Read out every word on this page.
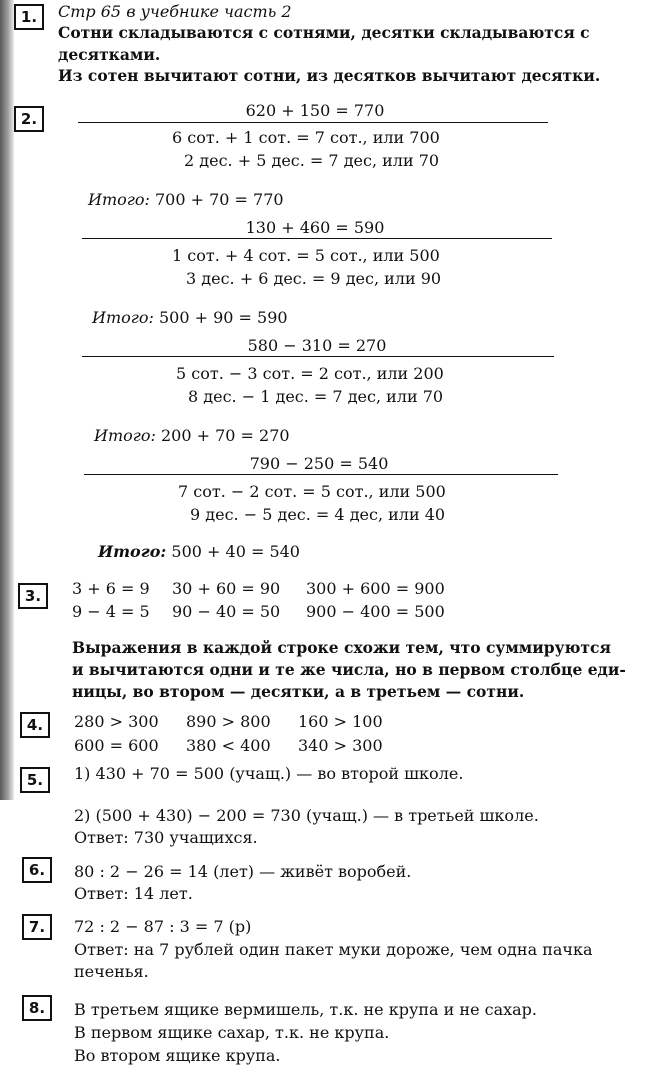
1.	Стр 65 в учебнике часть 2
Сотни складываются с сотнями, десятки складываются с
десятками.
Из сотен вычитают сотни, из десятков вычитают десятки.
2.	620 + 150 = 770
6 сот. + 1 сот. = 7 сот., или 700
2 дес. + 5 дес. = 7 дес, или 70
Итого: 700 + 70 = 770
130 + 460 = 590
1 сот. + 4 сот. = 5 сот., или 500
3 дес. + 6 дес. = 9 дес, или 90
Итого: 500 + 90 = 590
580 − 310 = 270
5 сот. − 3 сот. = 2 сот., или 200
8 дес. − 1 дес. = 7 дес, или 70
Итого: 200 + 70 = 270
790 − 250 = 540
7 сот. − 2 сот. = 5 сот., или 500
9 дес. − 5 дес. = 4 дес, или 40
Итого: 500 + 40 = 540
3.	3 + 6 = 9 30 + 60 = 90 300 + 600 = 900
9 − 4 = 5 90 − 40 = 50 900 − 400 = 500
Выражения в каждой строке схожи тем, что суммируются
и вычитаются одни и те же числа, но в первом столбце еди-
ницы, во втором — десятки, а в третьем — сотни.
4.	280 > 300 890 > 800 160 > 100
600 = 600 380 < 400 340 > 300
5.	1) 430 + 70 = 500 (учащ.) — во второй школе.
2) (500 + 430) − 200 = 730 (учащ.) — в третьей школе.
Ответ: 730 учащихся.
6.	80 : 2 − 26 = 14 (лет) — живёт воробей.
Ответ: 14 лет.
7.	72 : 2 − 87 : 3 = 7 (р)
Ответ: на 7 рублей один пакет муки дороже, чем одна пачка
печенья.
8.	В третьем ящике вермишель, т.к. не крупа и не сахар.
В первом ящике сахар, т.к. не крупа.
Во втором ящике крупа.
